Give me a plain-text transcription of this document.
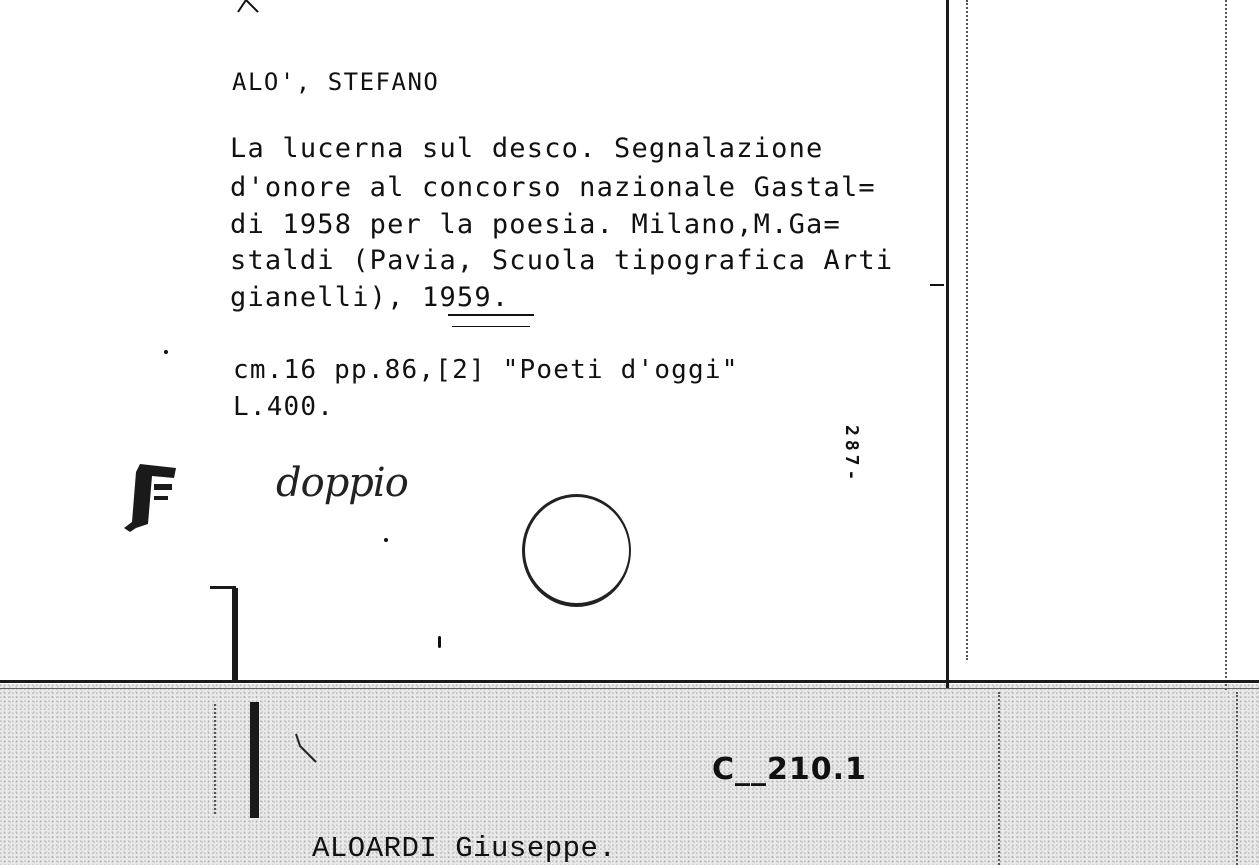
ALO', STEFANO
La lucerna sul desco. Segnalazione
d'onore al concorso nazionale Gastal=
di 1958 per la poesia. Milano,M.Ga=
staldi (Pavia, Scuola tipografica Arti
gianelli), 1959.
cm.16 pp.86,[2] "Poeti d'oggi"
L.400.
287-
doppio
C__210.1
ALOARDI Giuseppe.
